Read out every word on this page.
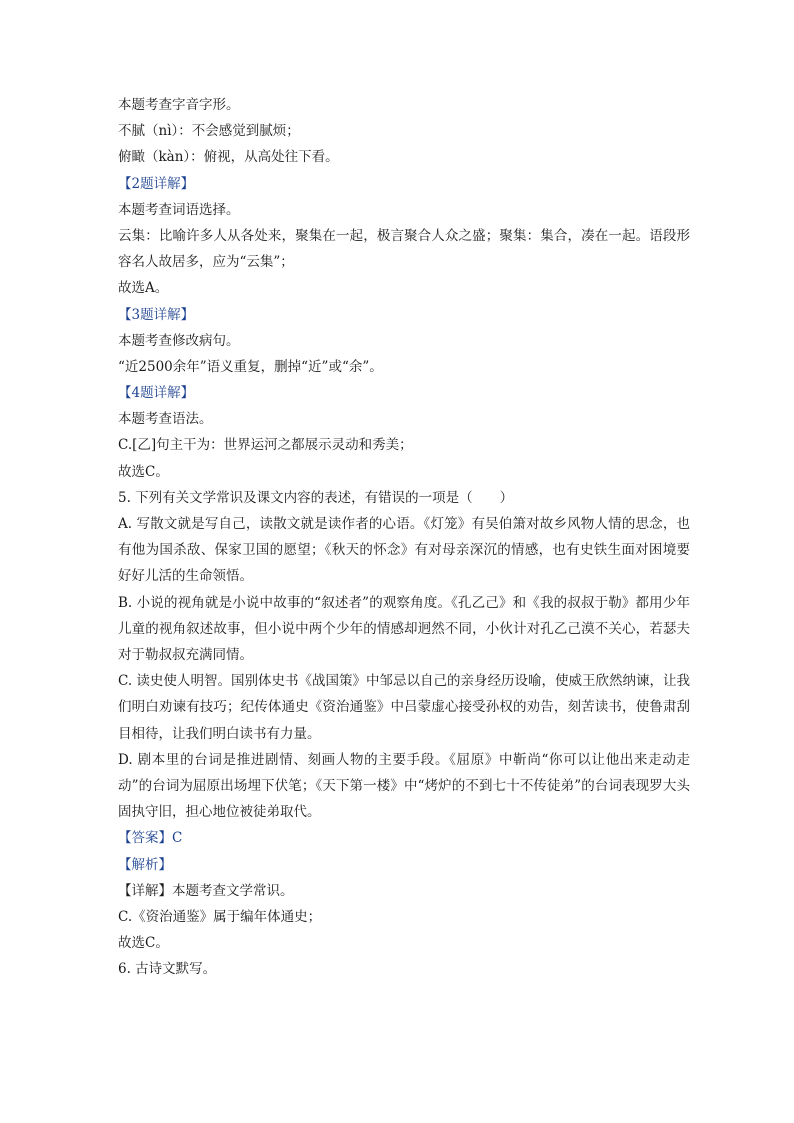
本题考查字音字形。
不腻（nì）：不会感觉到腻烦；
俯瞰（kàn）：俯视，从高处往下看。
【2题详解】
本题考查词语选择。
云集：比喻许多人从各处来，聚集在一起，极言聚合人众之盛；聚集：集合，凑在一起。语段形容名人故居多，应为“云集”；
故选A。
【3题详解】
本题考查修改病句。
“近2500余年”语义重复，删掉“近”或“余”。
【4题详解】
本题考查语法。
C.[乙]句主干为：世界运河之都展示灵动和秀美；
故选C。
5. 下列有关文学常识及课文内容的表述，有错误的一项是（　　）
A. 写散文就是写自己，读散文就是读作者的心语。《灯笼》有吴伯箫对故乡风物人情的思念，也有他为国杀敌、保家卫国的愿望；《秋天的怀念》有对母亲深沉的情感，也有史铁生面对困境要好好儿活的生命领悟。
B. 小说的视角就是小说中故事的“叙述者”的观察角度。《孔乙己》和《我的叔叔于勒》都用少年儿童的视角叙述故事，但小说中两个少年的情感却迥然不同，小伙计对孔乙己漠不关心，若瑟夫对于勒叔叔充满同情。
C. 读史使人明智。国别体史书《战国策》中邹忌以自己的亲身经历设喻，使威王欣然纳谏，让我们明白劝谏有技巧；纪传体通史《资治通鉴》中吕蒙虚心接受孙权的劝告，刻苦读书，使鲁肃刮目相待，让我们明白读书有力量。
D. 剧本里的台词是推进剧情、刻画人物的主要手段。《屈原》中靳尚“你可以让他出来走动走动”的台词为屈原出场埋下伏笔；《天下第一楼》中“烤炉的不到七十不传徒弟”的台词表现罗大头固执守旧，担心地位被徒弟取代。
【答案】C
【解析】
【详解】本题考查文学常识。
C.《资治通鉴》属于编年体通史；
故选C。
6. 古诗文默写。
